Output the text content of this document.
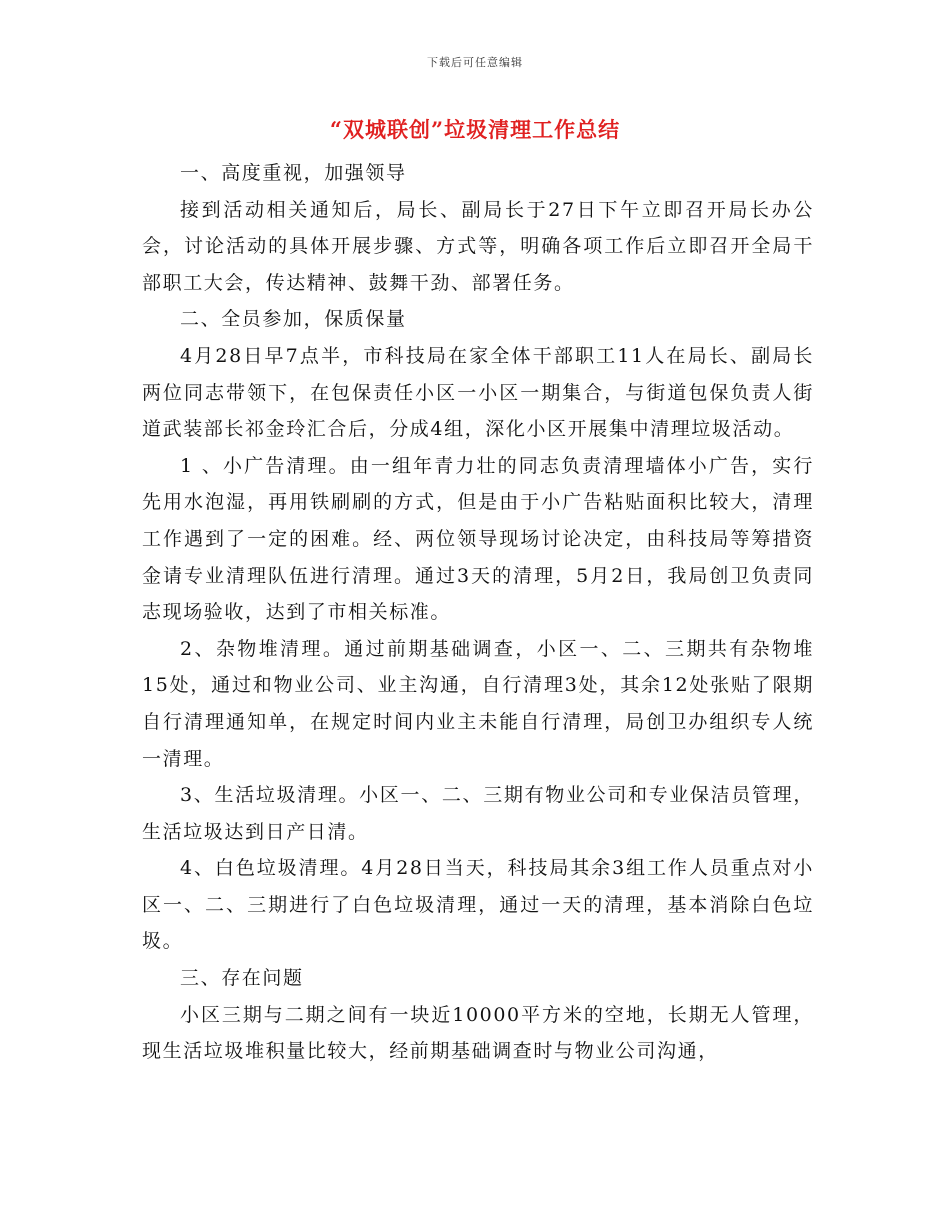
下载后可任意编辑
“双城联创”垃圾清理工作总结

一、高度重视，加强领导

接到活动相关通知后，局长、副局长于27日下午立即召开局长办公会，讨论活动的具体开展步骤、方式等，明确各项工作后立即召开全局干部职工大会，传达精神、鼓舞干劲、部署任务。

二、全员参加，保质保量

4月28日早7点半，市科技局在家全体干部职工11人在局长、副局长两位同志带领下，在包保责任小区一小区一期集合，与街道包保负责人街道武装部长祁金玲汇合后，分成4组，深化小区开展集中清理垃圾活动。

1 、小广告清理。由一组年青力壮的同志负责清理墙体小广告，实行先用水泡湿，再用铁刷刷的方式，但是由于小广告粘贴面积比较大，清理工作遇到了一定的困难。经、两位领导现场讨论决定，由科技局等筹措资金请专业清理队伍进行清理。通过3天的清理，5月2日，我局创卫负责同志现场验收，达到了市相关标准。

2、杂物堆清理。通过前期基础调查，小区一、二、三期共有杂物堆15处，通过和物业公司、业主沟通，自行清理3处，其余12处张贴了限期自行清理通知单，在规定时间内业主未能自行清理，局创卫办组织专人统一清理。

3、生活垃圾清理。小区一、二、三期有物业公司和专业保洁员管理，生活垃圾达到日产日清。

4、白色垃圾清理。4月28日当天，科技局其余3组工作人员重点对小区一、二、三期进行了白色垃圾清理，通过一天的清理，基本消除白色垃圾。

三、存在问题

小区三期与二期之间有一块近10000平方米的空地，长期无人管理，现生活垃圾堆积量比较大，经前期基础调查时与物业公司沟通，
